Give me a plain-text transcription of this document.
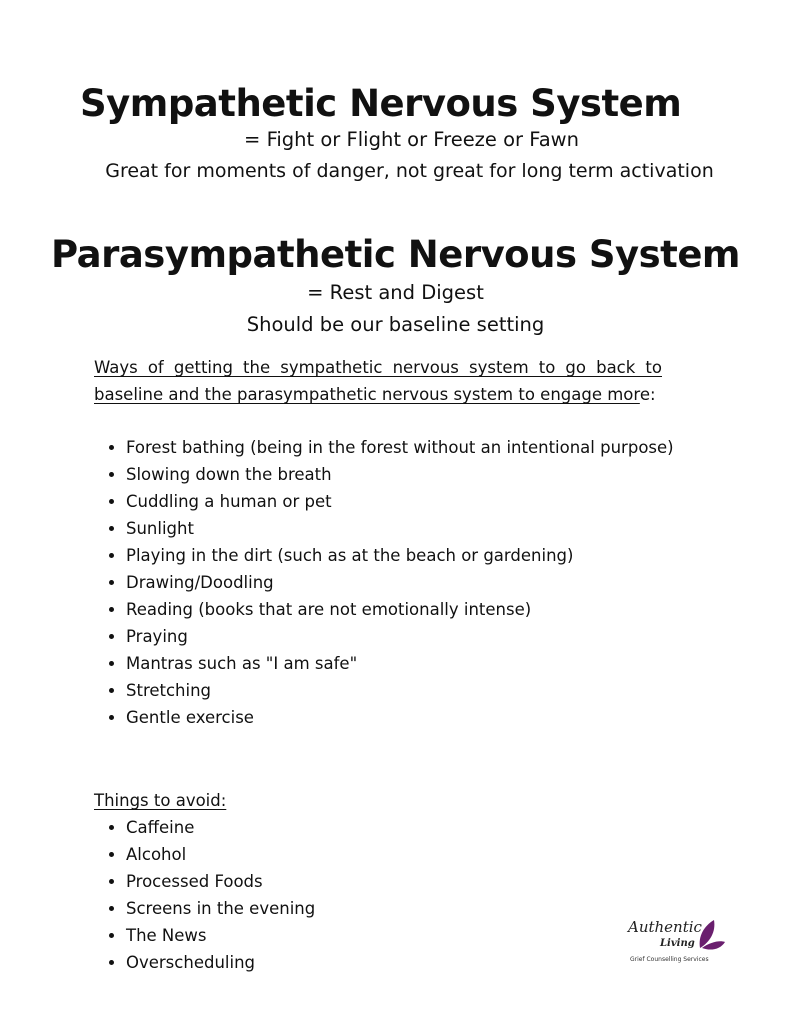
Sympathetic Nervous System
= Fight or Flight or Freeze or Fawn
Great for moments of danger, not great for long term activation
Parasympathetic Nervous System
= Rest and Digest
Should be our baseline setting
Ways of getting the sympathetic nervous system to go back to baseline and the parasympathetic nervous system to engage more:
• Forest bathing (being in the forest without an intentional purpose)
• Slowing down the breath
• Cuddling a human or pet
• Sunlight
• Playing in the dirt (such as at the beach or gardening)
• Drawing/Doodling
• Reading (books that are not emotionally intense)
• Praying
• Mantras such as "I am safe"
• Stretching
• Gentle exercise
Things to avoid:
• Caffeine
• Alcohol
• Processed Foods
• Screens in the evening
• The News
• Overscheduling
Authentic
Living
Grief Counselling Services
